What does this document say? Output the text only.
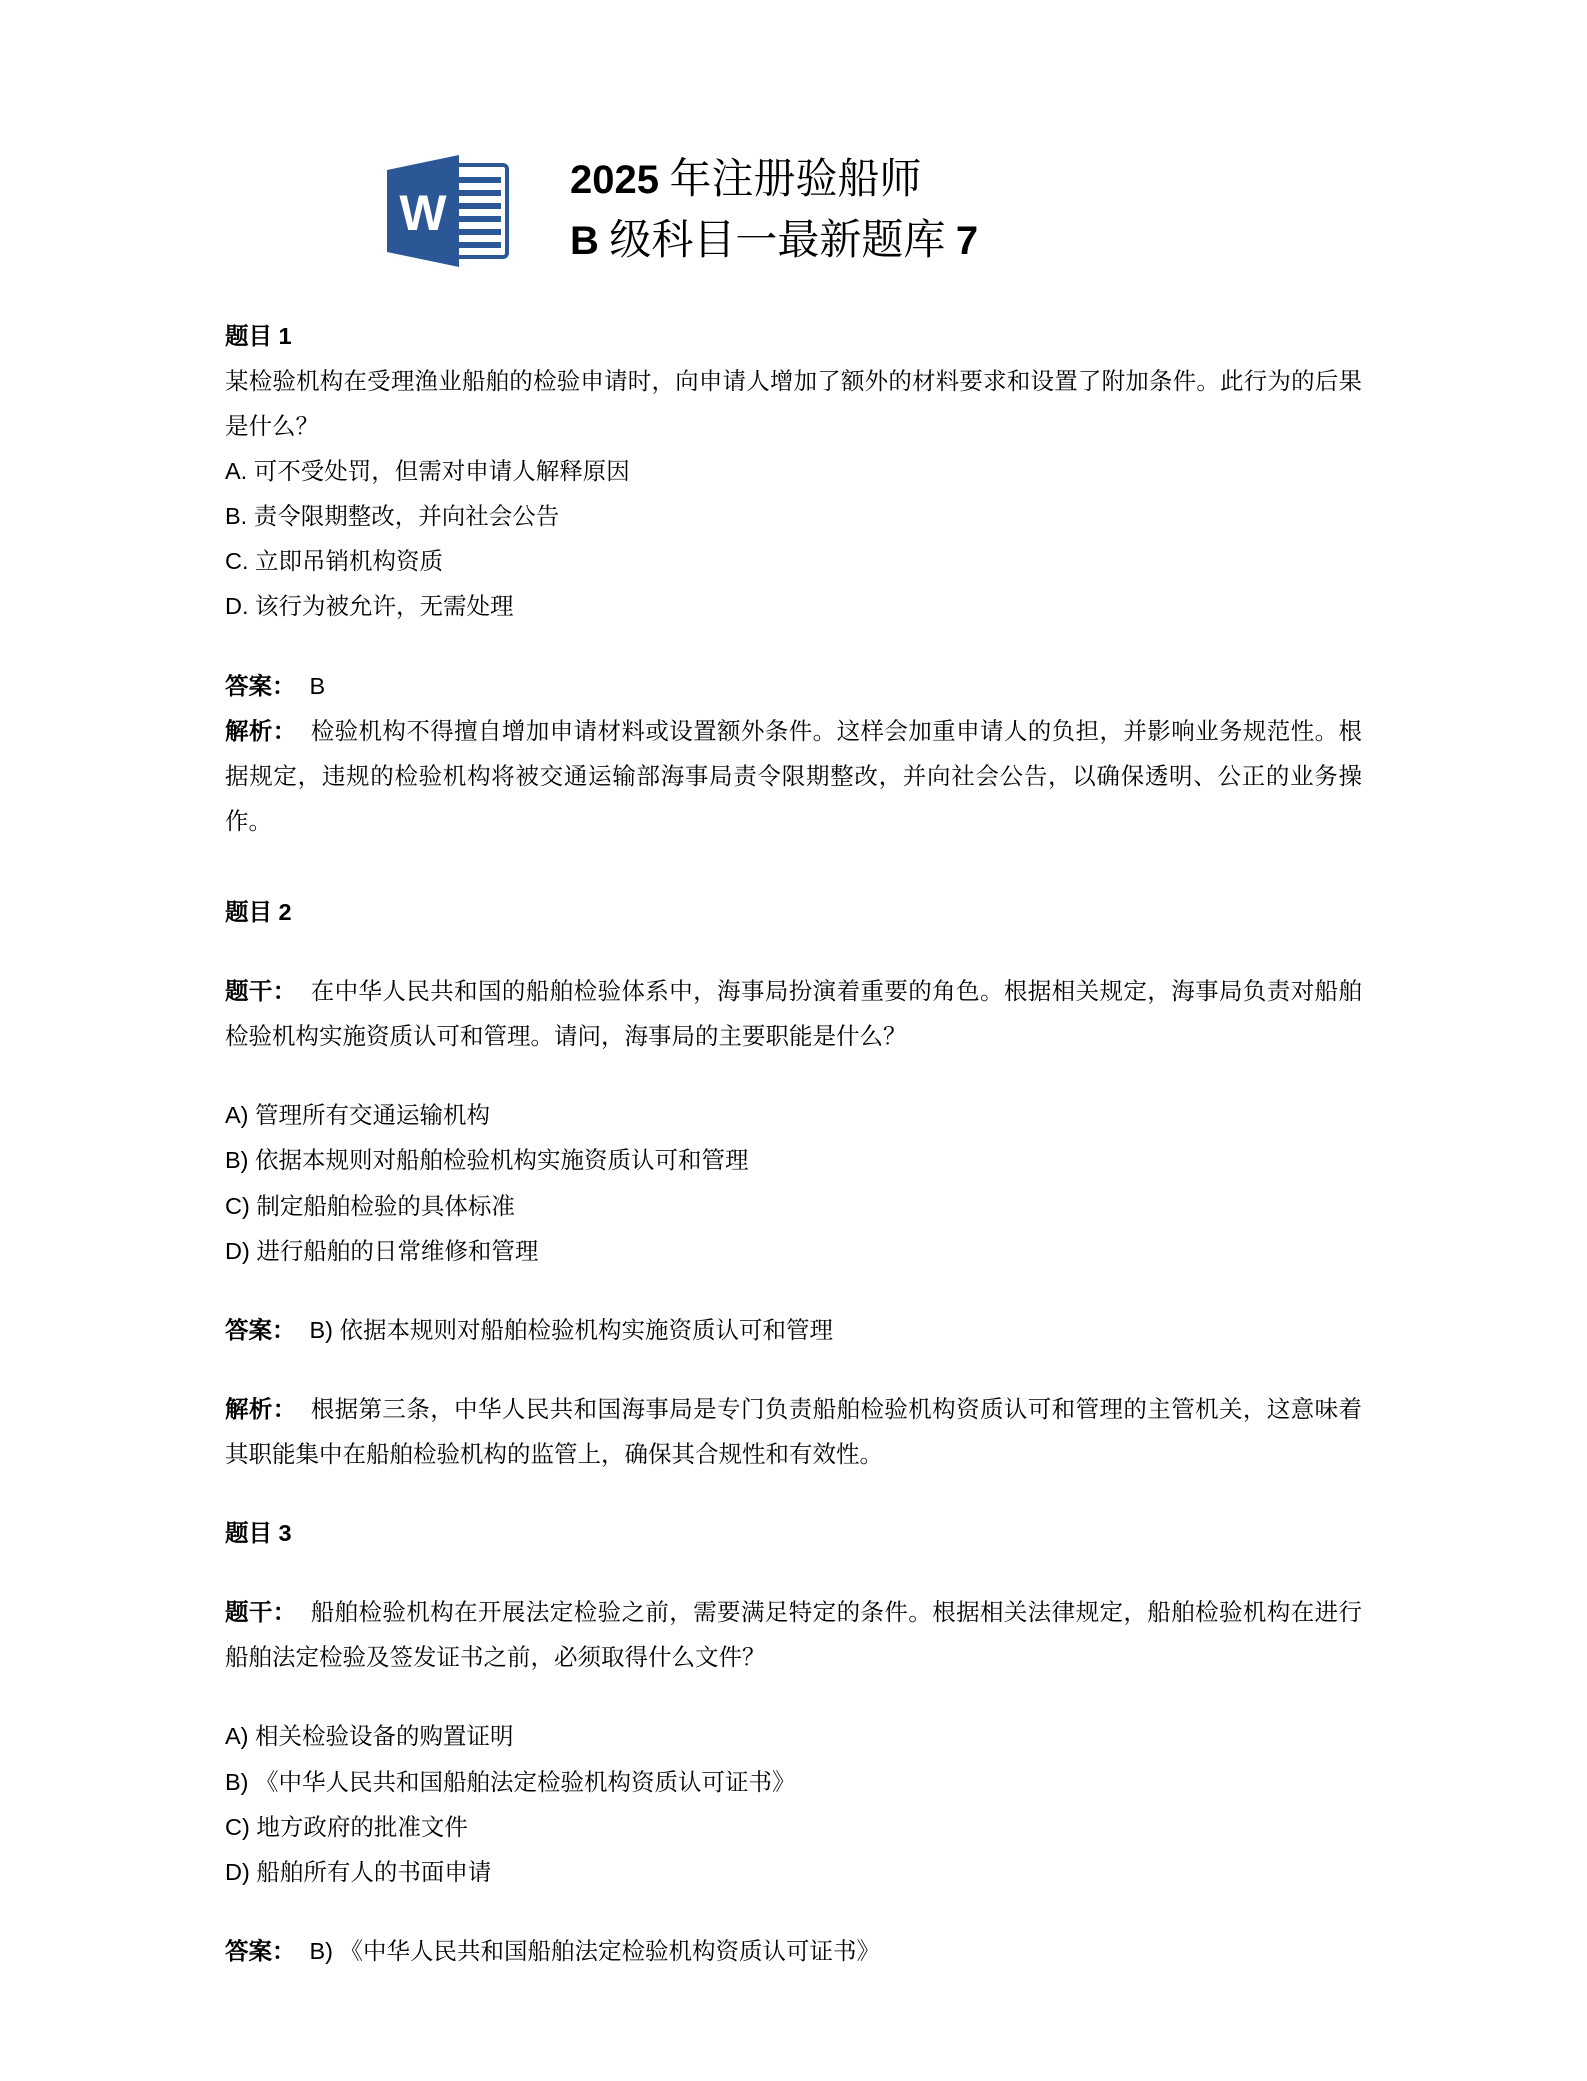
W
2025 年注册验船师
B 级科目一最新题库 7

题目 1

某检验机构在受理渔业船舶的检验申请时，向申请人增加了额外的材料要求和设置了附加条件。此行为的后果是什么？

A. 可不受处罚，但需对申请人解释原因

B. 责令限期整改，并向社会公告

C. 立即吊销机构资质

D. 该行为被允许，无需处理

答案： B

解析： 检验机构不得擅自增加申请材料或设置额外条件。这样会加重申请人的负担，并影响业务规范性。根据规定，违规的检验机构将被交通运输部海事局责令限期整改，并向社会公告，以确保透明、公正的业务操作。

题目 2

题干： 在中华人民共和国的船舶检验体系中，海事局扮演着重要的角色。根据相关规定，海事局负责对船舶检验机构实施资质认可和管理。请问，海事局的主要职能是什么？

A) 管理所有交通运输机构

B) 依据本规则对船舶检验机构实施资质认可和管理

C) 制定船舶检验的具体标准

D) 进行船舶的日常维修和管理

答案： B) 依据本规则对船舶检验机构实施资质认可和管理

解析： 根据第三条，中华人民共和国海事局是专门负责船舶检验机构资质认可和管理的主管机关，这意味着其职能集中在船舶检验机构的监管上，确保其合规性和有效性。

题目 3

题干： 船舶检验机构在开展法定检验之前，需要满足特定的条件。根据相关法律规定，船舶检验机构在进行船舶法定检验及签发证书之前，必须取得什么文件？

A) 相关检验设备的购置证明

B) 《中华人民共和国船舶法定检验机构资质认可证书》

C) 地方政府的批准文件

D) 船舶所有人的书面申请

答案： B) 《中华人民共和国船舶法定检验机构资质认可证书》
